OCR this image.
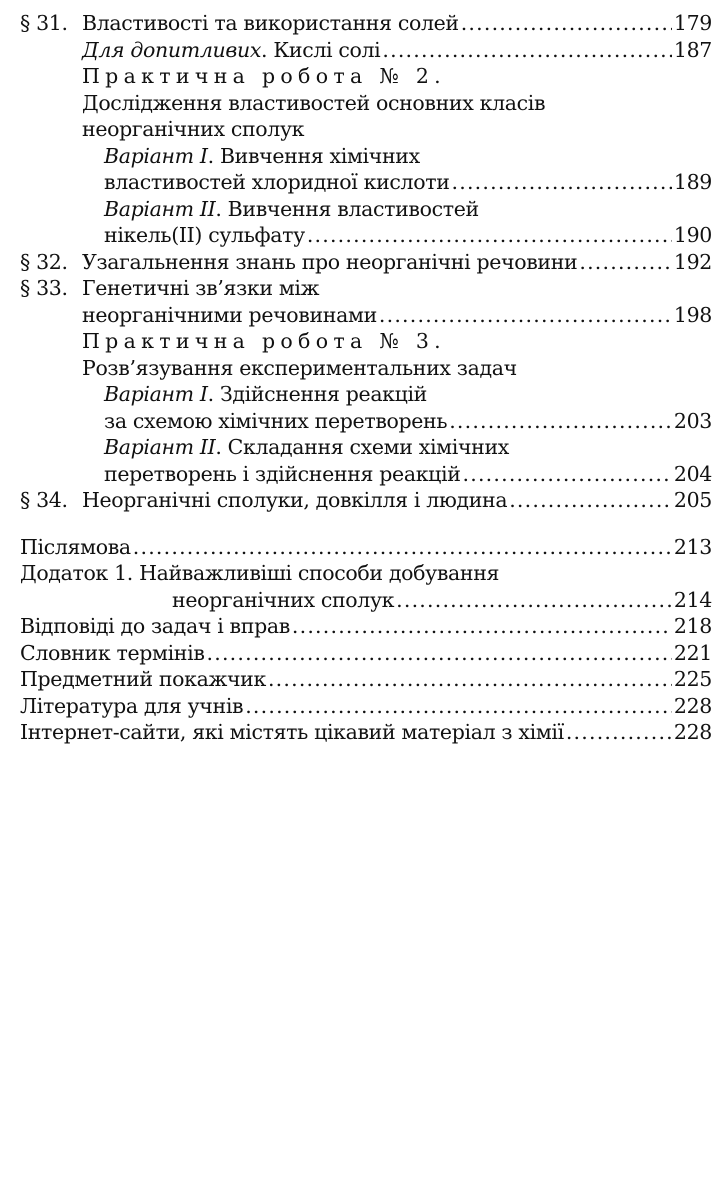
§ 31. Властивості та використання солей .....	179
Для допитливих . Кислі солі .....	187
Практична робота № 2.
Дослідження властивостей основних класів
неорганічних сполук
Варіант І . Вивчення хімічних
властивостей хлоридної кислоти .....	189
Варіант ІІ . Вивчення властивостей
нікель(ІІ) сульфату .....	190
§ 32. Узагальнення знань про неорганічні речовини .....	192
§ 33. Генетичні зв’язки між
неорганічними речовинами .....	198
Практична робота № 3.
Розв’язування експериментальних задач
Варіант І . Здійснення реакцій
за схемою хімічних перетворень .....	203
Варіант ІІ . Складання схеми хімічних
перетворень і здійснення реакцій .....	204
§ 34. Неорганічні сполуки, довкілля і людина .....	205
Післямова .....	213
Додаток 1. Найважливіші способи добування
неорганічних сполук .....	214
Відповіді до задач і вправ .....	218
Словник термінів .....	221
Предметний покажчик .....	225
Література для учнів .....	228
Інтернет-сайти, які містять цікавий матеріал з хімії .....	228
